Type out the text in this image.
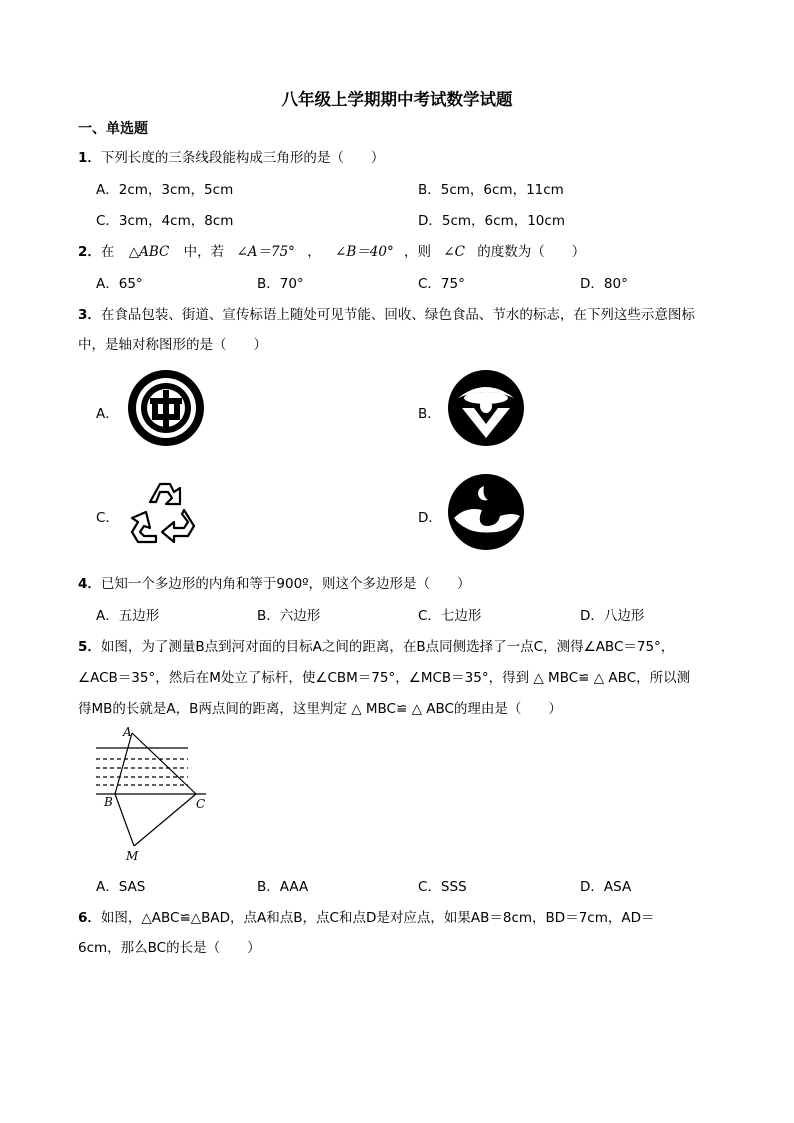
八年级上学期期中考试数学试题
一、单选题
1．下列长度的三条线段能构成三角形的是（　　）
A．2cm，3cm，5cm	B．5cm，6cm，11cm
C．3cm，4cm，8cm	D．5cm，6cm，10cm
2．在 △ABC 中，若 ∠A＝75° ， ∠B＝40° ，则 ∠C 的度数为（　　）
A．65°	B．70°	C．75°	D．80°
3．在食品包装、街道、宣传标语上随处可见节能、回收、绿色食品、节水的标志，在下列这些示意图标
中，是轴对称图形的是（　　）
A．	B．
C．	D．
4．已知一个多边形的内角和等于900º，则这个多边形是（　　）
A．五边形	B．六边形	C．七边形	D．八边形
5．如图，为了测量B点到河对面的目标A之间的距离，在B点同侧选择了一点C，测得∠ABC＝75°，
∠ACB＝35°，然后在M处立了标杆，使∠CBM＝75°，∠MCB＝35°，得到 △ MBC≌ △ ABC，所以测
得MB的长就是A，B两点间的距离，这里判定 △ MBC≌ △ ABC的理由是（　　）
A
B	C
M
A．SAS	B．AAA	C．SSS	D．ASA
6．如图，△ABC≌△BAD，点A和点B，点C和点D是对应点，如果AB＝8cm，BD＝7cm，AD＝
6cm，那么BC的长是（　　）
